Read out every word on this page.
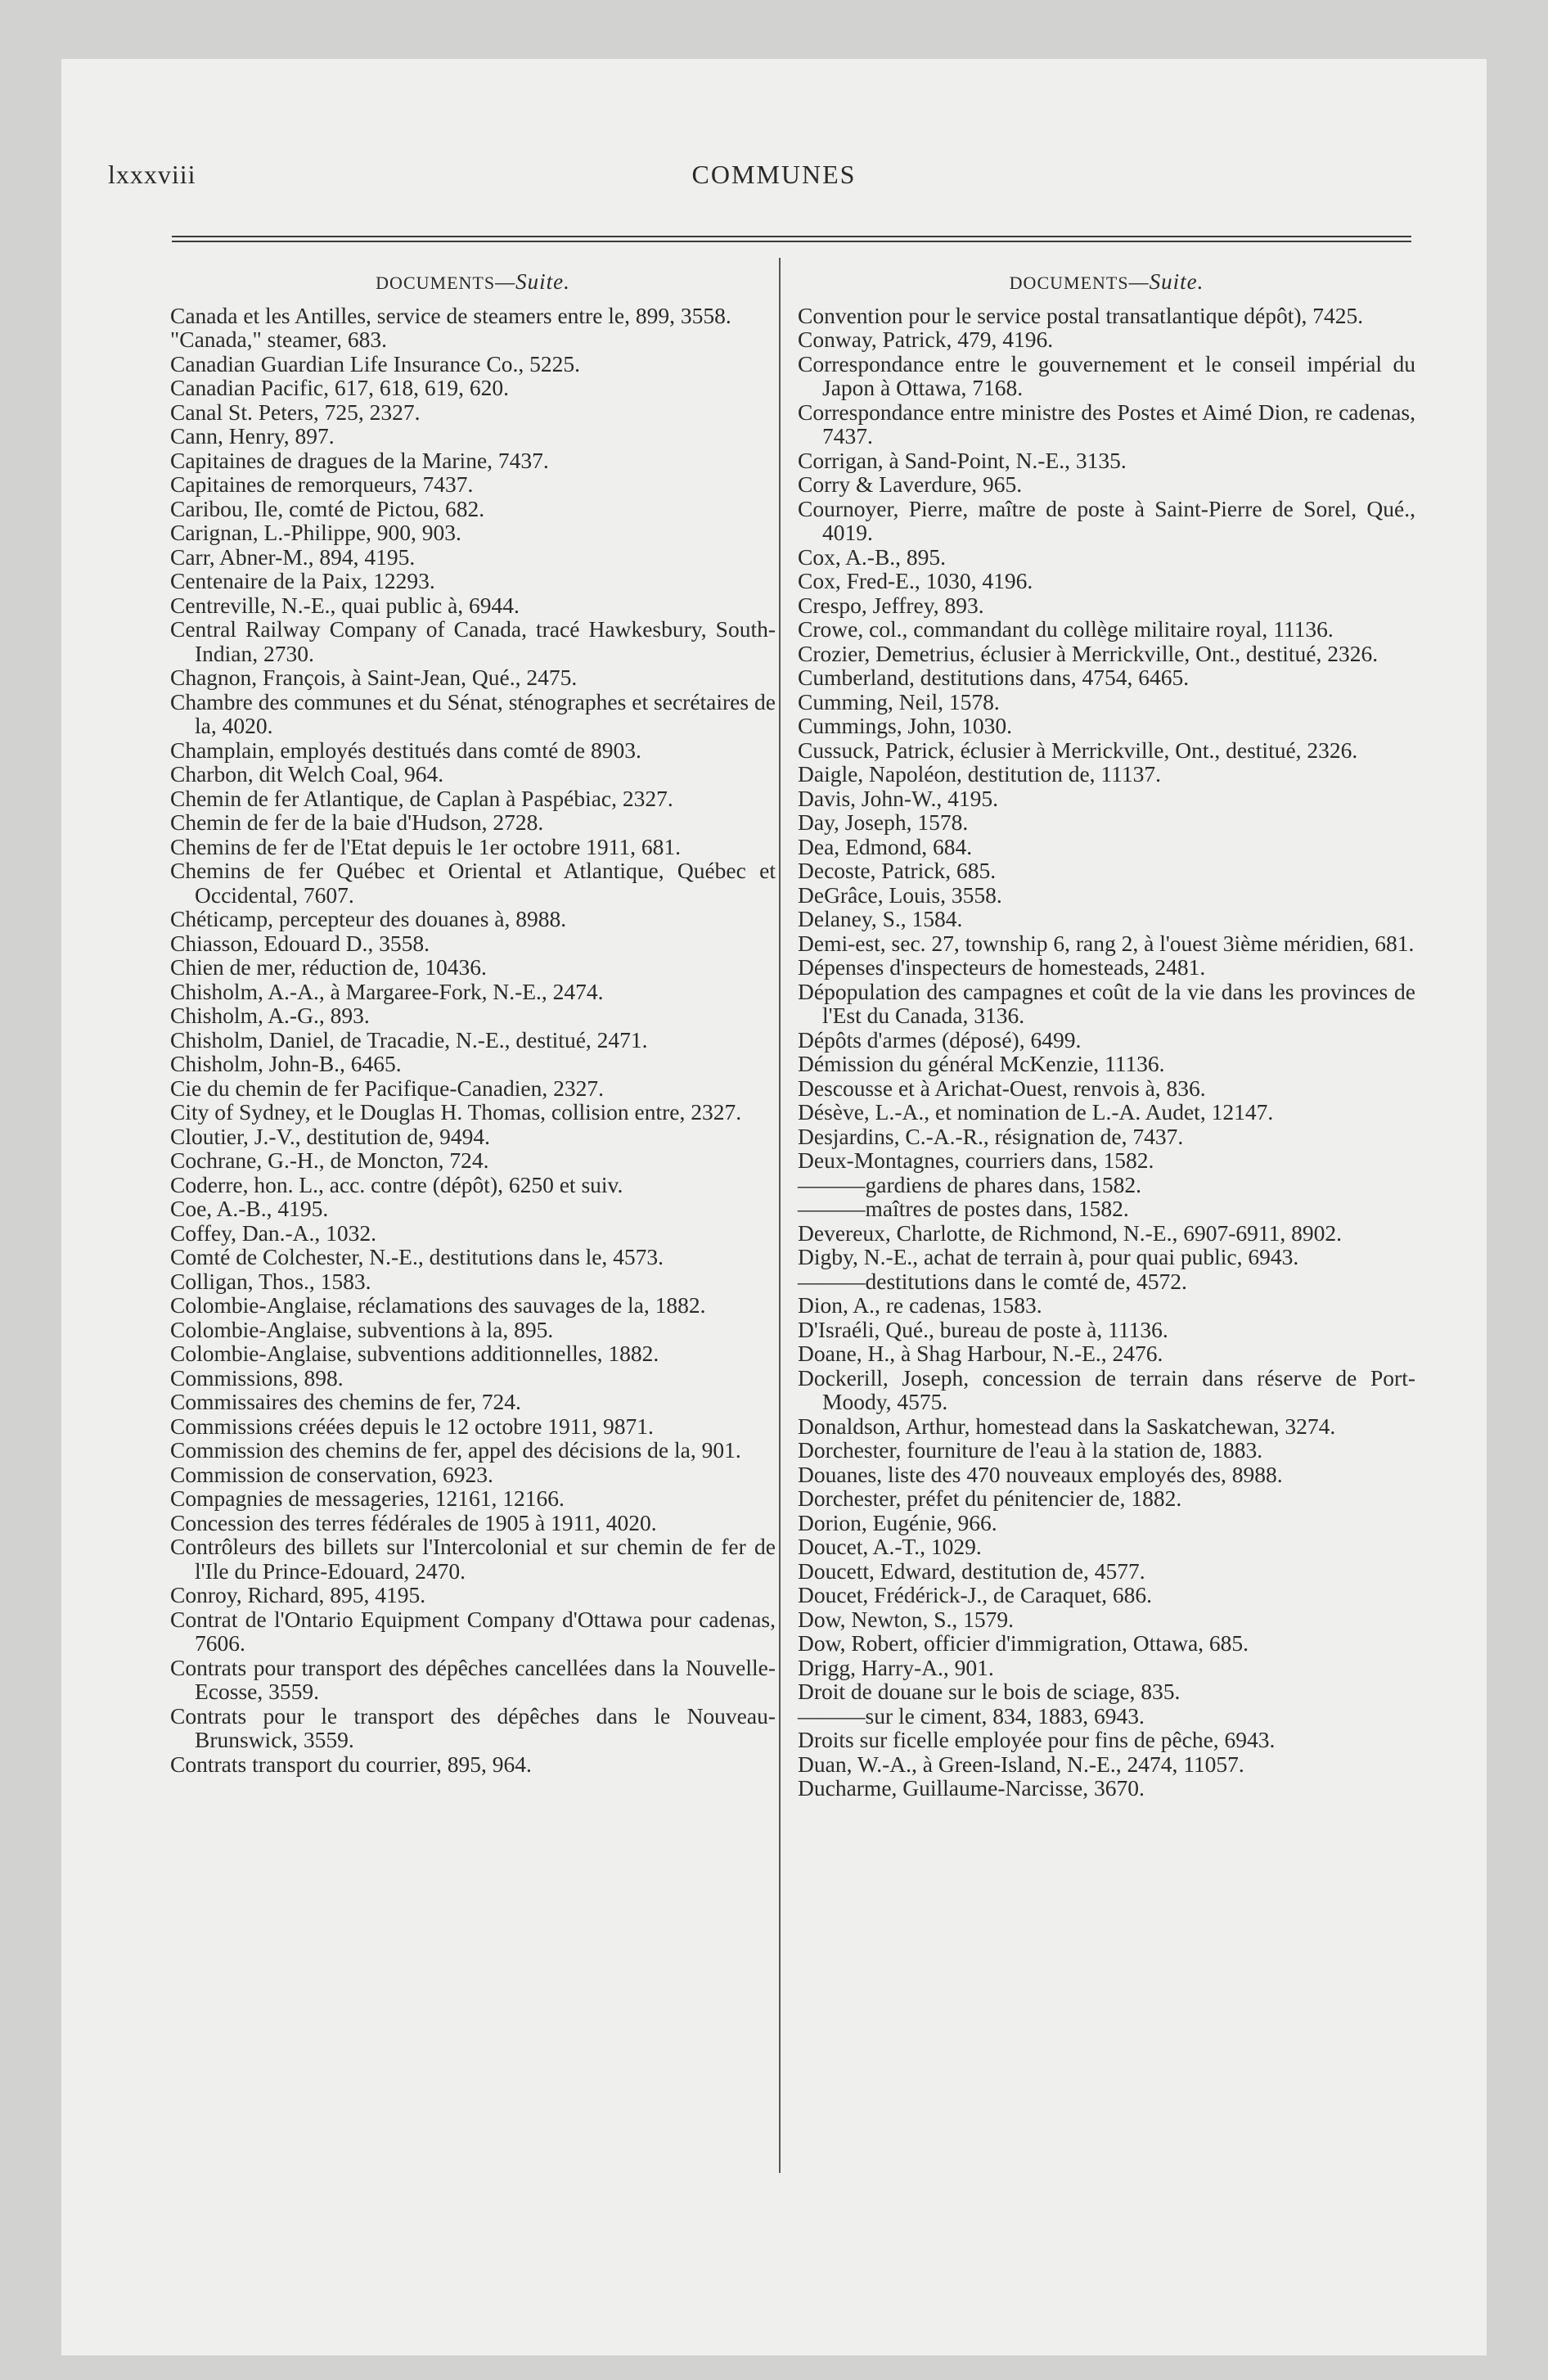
lxxxviii	COMMUNES
DOCUMENTS—Suite.

Canada et les Antilles, service de steamers entre le, 899, 3558.

"Canada," steamer, 683.

Canadian Guardian Life Insurance Co., 5225.

Canadian Pacific, 617, 618, 619, 620.

Canal St. Peters, 725, 2327.

Cann, Henry, 897.

Capitaines de dragues de la Marine, 7437.

Capitaines de remorqueurs, 7437.

Caribou, Ile, comté de Pictou, 682.

Carignan, L.-Philippe, 900, 903.

Carr, Abner-M., 894, 4195.

Centenaire de la Paix, 12293.

Centreville, N.-E., quai public à, 6944.

Central Railway Company of Canada, tracé Hawkesbury, South-Indian, 2730.

Chagnon, François, à Saint-Jean, Qué., 2475.

Chambre des communes et du Sénat, sténographes et secrétaires de la, 4020.

Champlain, employés destitués dans comté de 8903.

Charbon, dit Welch Coal, 964.

Chemin de fer Atlantique, de Caplan à Paspébiac, 2327.

Chemin de fer de la baie d'Hudson, 2728.

Chemins de fer de l'Etat depuis le 1er octobre 1911, 681.

Chemins de fer Québec et Oriental et Atlantique, Québec et Occidental, 7607.

Chéticamp, percepteur des douanes à, 8988.

Chiasson, Edouard D., 3558.

Chien de mer, réduction de, 10436.

Chisholm, A.-A., à Margaree-Fork, N.-E., 2474.

Chisholm, A.-G., 893.

Chisholm, Daniel, de Tracadie, N.-E., destitué, 2471.

Chisholm, John-B., 6465.

Cie du chemin de fer Pacifique-Canadien, 2327.

City of Sydney, et le Douglas H. Thomas, collision entre, 2327.

Cloutier, J.-V., destitution de, 9494.

Cochrane, G.-H., de Moncton, 724.

Coderre, hon. L., acc. contre (dépôt), 6250 et suiv.

Coe, A.-B., 4195.

Coffey, Dan.-A., 1032.

Comté de Colchester, N.-E., destitutions dans le, 4573.

Colligan, Thos., 1583.

Colombie-Anglaise, réclamations des sauvages de la, 1882.

Colombie-Anglaise, subventions à la, 895.

Colombie-Anglaise, subventions additionnelles, 1882.

Commissions, 898.

Commissaires des chemins de fer, 724.

Commissions créées depuis le 12 octobre 1911, 9871.

Commission des chemins de fer, appel des décisions de la, 901.

Commission de conservation, 6923.

Compagnies de messageries, 12161, 12166.

Concession des terres fédérales de 1905 à 1911, 4020.

Contrôleurs des billets sur l'Intercolonial et sur chemin de fer de l'Ile du Prince-Edouard, 2470.

Conroy, Richard, 895, 4195.

Contrat de l'Ontario Equipment Company d'Ottawa pour cadenas, 7606.

Contrats pour transport des dépêches cancellées dans la Nouvelle-Ecosse, 3559.

Contrats pour le transport des dépêches dans le Nouveau-Brunswick, 3559.

Contrats transport du courrier, 895, 964.

DOCUMENTS—Suite.

Convention pour le service postal transatlantique dépôt), 7425.

Conway, Patrick, 479, 4196.

Correspondance entre le gouvernement et le conseil impérial du Japon à Ottawa, 7168.

Correspondance entre ministre des Postes et Aimé Dion, re cadenas, 7437.

Corrigan, à Sand-Point, N.-E., 3135.

Corry & Laverdure, 965.

Cournoyer, Pierre, maître de poste à Saint-Pierre de Sorel, Qué., 4019.

Cox, A.-B., 895.

Cox, Fred-E., 1030, 4196.

Crespo, Jeffrey, 893.

Crowe, col., commandant du collège militaire royal, 11136.

Crozier, Demetrius, éclusier à Merrickville, Ont., destitué, 2326.

Cumberland, destitutions dans, 4754, 6465.

Cumming, Neil, 1578.

Cummings, John, 1030.

Cussuck, Patrick, éclusier à Merrickville, Ont., destitué, 2326.

Daigle, Napoléon, destitution de, 11137.

Davis, John-W., 4195.

Day, Joseph, 1578.

Dea, Edmond, 684.

Decoste, Patrick, 685.

DeGrâce, Louis, 3558.

Delaney, S., 1584.

Demi-est, sec. 27, township 6, rang 2, à l'ouest 3ième méridien, 681.

Dépenses d'inspecteurs de homesteads, 2481.

Dépopulation des campagnes et coût de la vie dans les provinces de l'Est du Canada, 3136.

Dépôts d'armes (déposé), 6499.

Démission du général McKenzie, 11136.

Descousse et à Arichat-Ouest, renvois à, 836.

Désève, L.-A., et nomination de L.-A. Audet, 12147.

Desjardins, C.-A.-R., résignation de, 7437.

Deux-Montagnes, courriers dans, 1582.

———gardiens de phares dans, 1582.

———maîtres de postes dans, 1582.

Devereux, Charlotte, de Richmond, N.-E., 6907-6911, 8902.

Digby, N.-E., achat de terrain à, pour quai public, 6943.

———destitutions dans le comté de, 4572.

Dion, A., re cadenas, 1583.

D'Israéli, Qué., bureau de poste à, 11136.

Doane, H., à Shag Harbour, N.-E., 2476.

Dockerill, Joseph, concession de terrain dans réserve de Port-Moody, 4575.

Donaldson, Arthur, homestead dans la Saskatchewan, 3274.

Dorchester, fourniture de l'eau à la station de, 1883.

Douanes, liste des 470 nouveaux employés des, 8988.

Dorchester, préfet du pénitencier de, 1882.

Dorion, Eugénie, 966.

Doucet, A.-T., 1029.

Doucett, Edward, destitution de, 4577.

Doucet, Frédérick-J., de Caraquet, 686.

Dow, Newton, S., 1579.

Dow, Robert, officier d'immigration, Ottawa, 685.

Drigg, Harry-A., 901.

Droit de douane sur le bois de sciage, 835.

———sur le ciment, 834, 1883, 6943.

Droits sur ficelle employée pour fins de pêche, 6943.

Duan, W.-A., à Green-Island, N.-E., 2474, 11057.

Ducharme, Guillaume-Narcisse, 3670.
